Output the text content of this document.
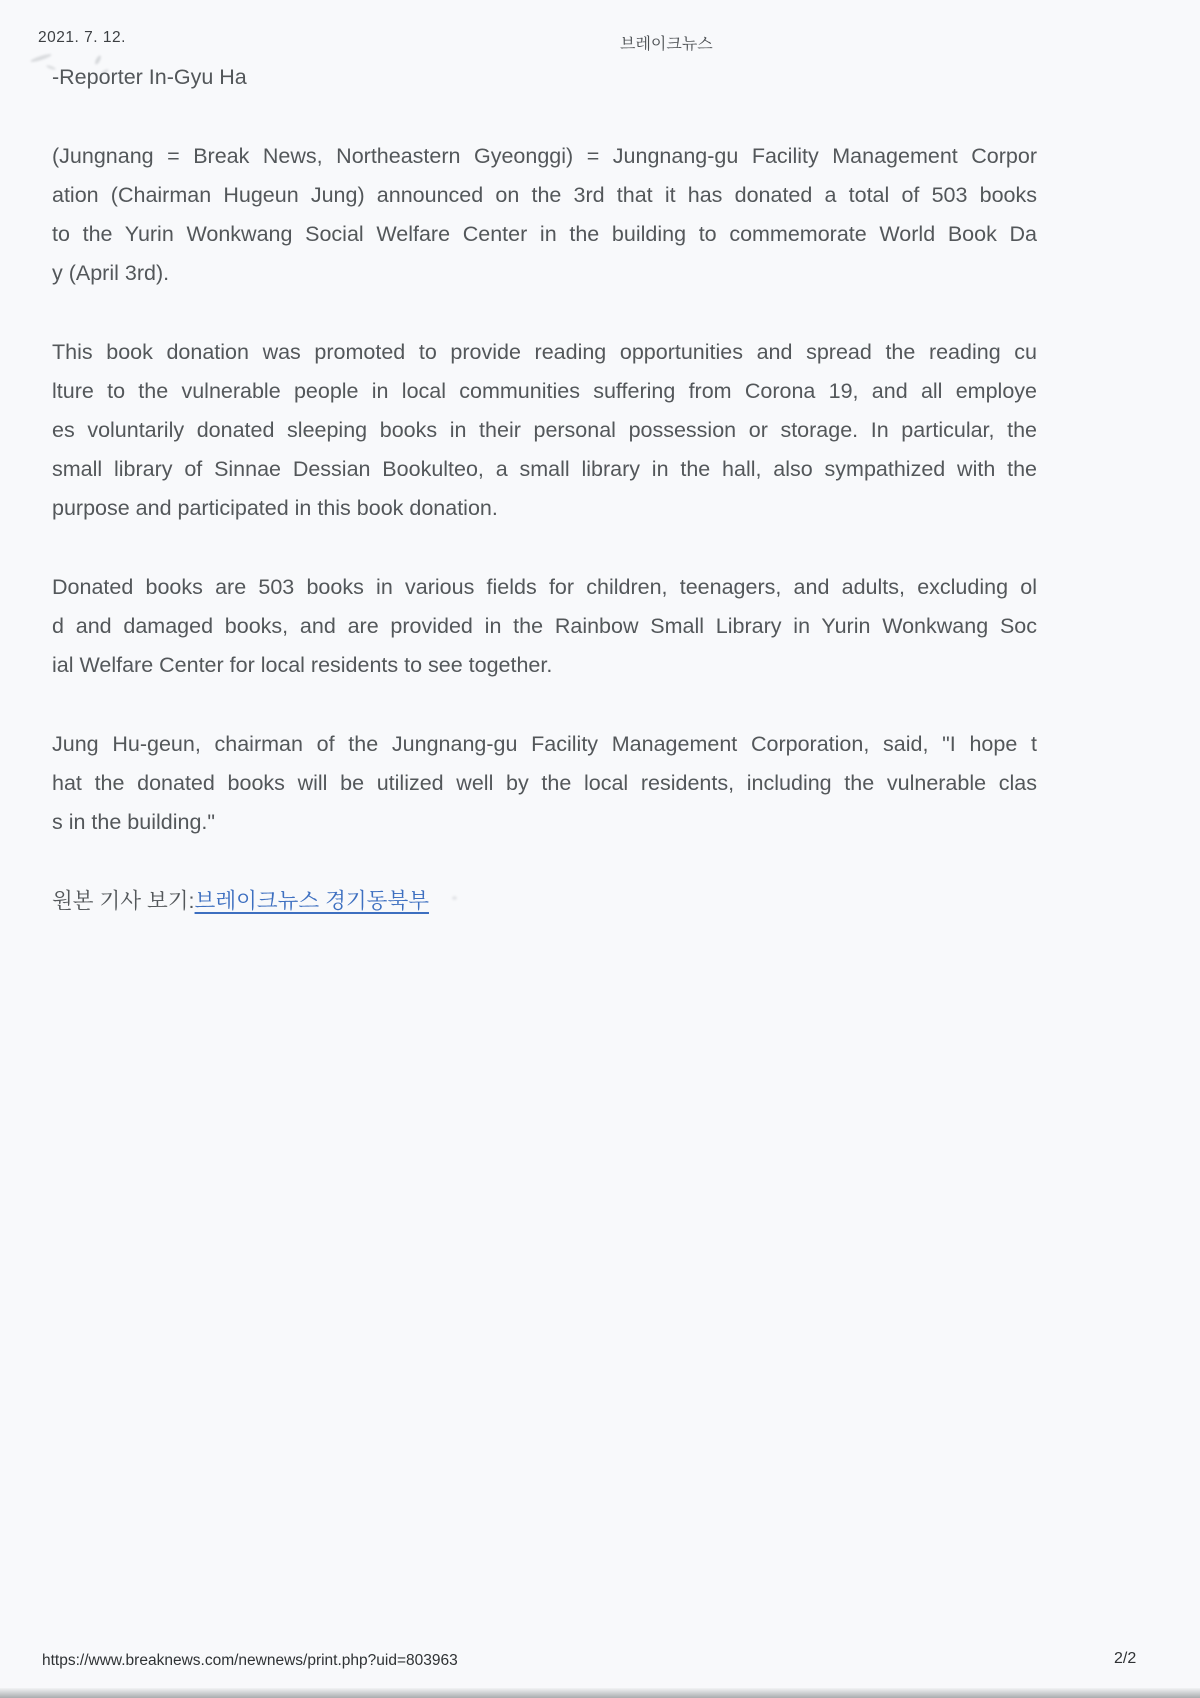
2021. 7. 12.	브레이크뉴스
-Reporter In-Gyu Ha
(Jungnang = Break News, Northeastern Gyeonggi) = Jungnang-gu Facility Management Corpor
ation (Chairman Hugeun Jung) announced on the 3rd that it has donated a total of 503 books
to the Yurin Wonkwang Social Welfare Center in the building to commemorate World Book Da
y (April 3rd).
This book donation was promoted to provide reading opportunities and spread the reading cu
lture to the vulnerable people in local communities suffering from Corona 19, and all employe
es voluntarily donated sleeping books in their personal possession or storage. In particular, the
small library of Sinnae Dessian Bookulteo, a small library in the hall, also sympathized with the
purpose and participated in this book donation.
Donated books are 503 books in various fields for children, teenagers, and adults, excluding ol
d and damaged books, and are provided in the Rainbow Small Library in Yurin Wonkwang Soc
ial Welfare Center for local residents to see together.
Jung Hu-geun, chairman of the Jungnang-gu Facility Management Corporation, said, "I hope t
hat the donated books will be utilized well by the local residents, including the vulnerable clas
s in the building."
원본 기사 보기:브레이크뉴스 경기동북부
https://www.breaknews.com/newnews/print.php?uid=803963	2/2
